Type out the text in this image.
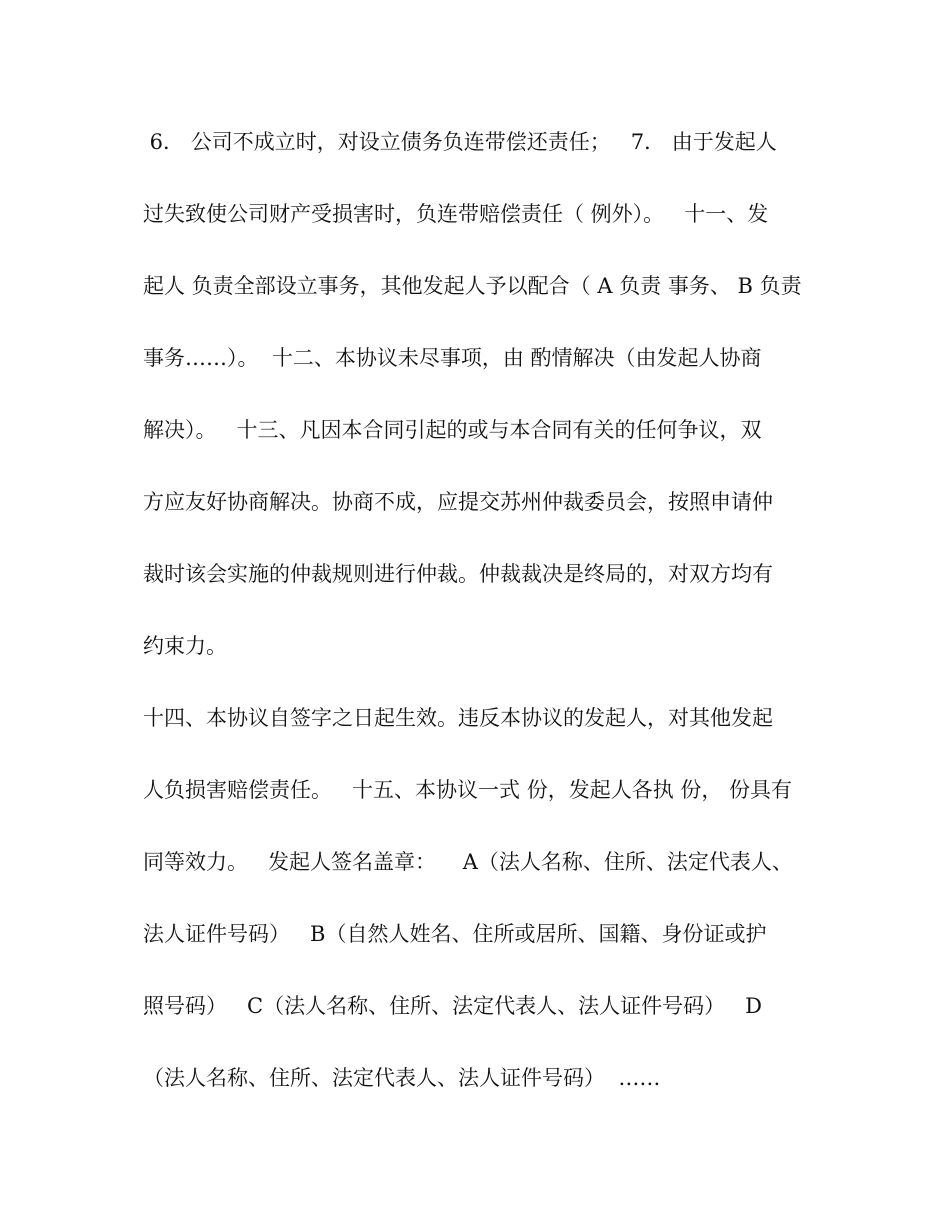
6． 公司不成立时，对设立债务负连带偿还责任；   7． 由于发起人
过失致使公司财产受损害时，负连带赔偿责任（ 例外）。   十一、发
起人 负责全部设立事务，其他发起人予以配合（ A 负责 事务、 B 负责
事务……）。  十二、本协议未尽事项，由 酌情解决（由发起人协商
解决）。   十三、凡因本合同引起的或与本合同有关的任何争议，双
方应友好协商解决。协商不成，应提交苏州仲裁委员会，按照申请仲
裁时该会实施的仲裁规则进行仲裁。仲裁裁决是终局的，对双方均有
约束力。
十四、本协议自签字之日起生效。违反本协议的发起人，对其他发起
人负损害赔偿责任。   十五、本协议一式 份，发起人各执 份， 份具有
同等效力。   发起人签名盖章：    A（法人名称、住所、法定代表人、
法人证件号码）   B（自然人姓名、住所或居所、国籍、身份证或护
照号码）   C（法人名称、住所、法定代表人、法人证件号码）   D
（法人名称、住所、法定代表人、法人证件号码）  ……
